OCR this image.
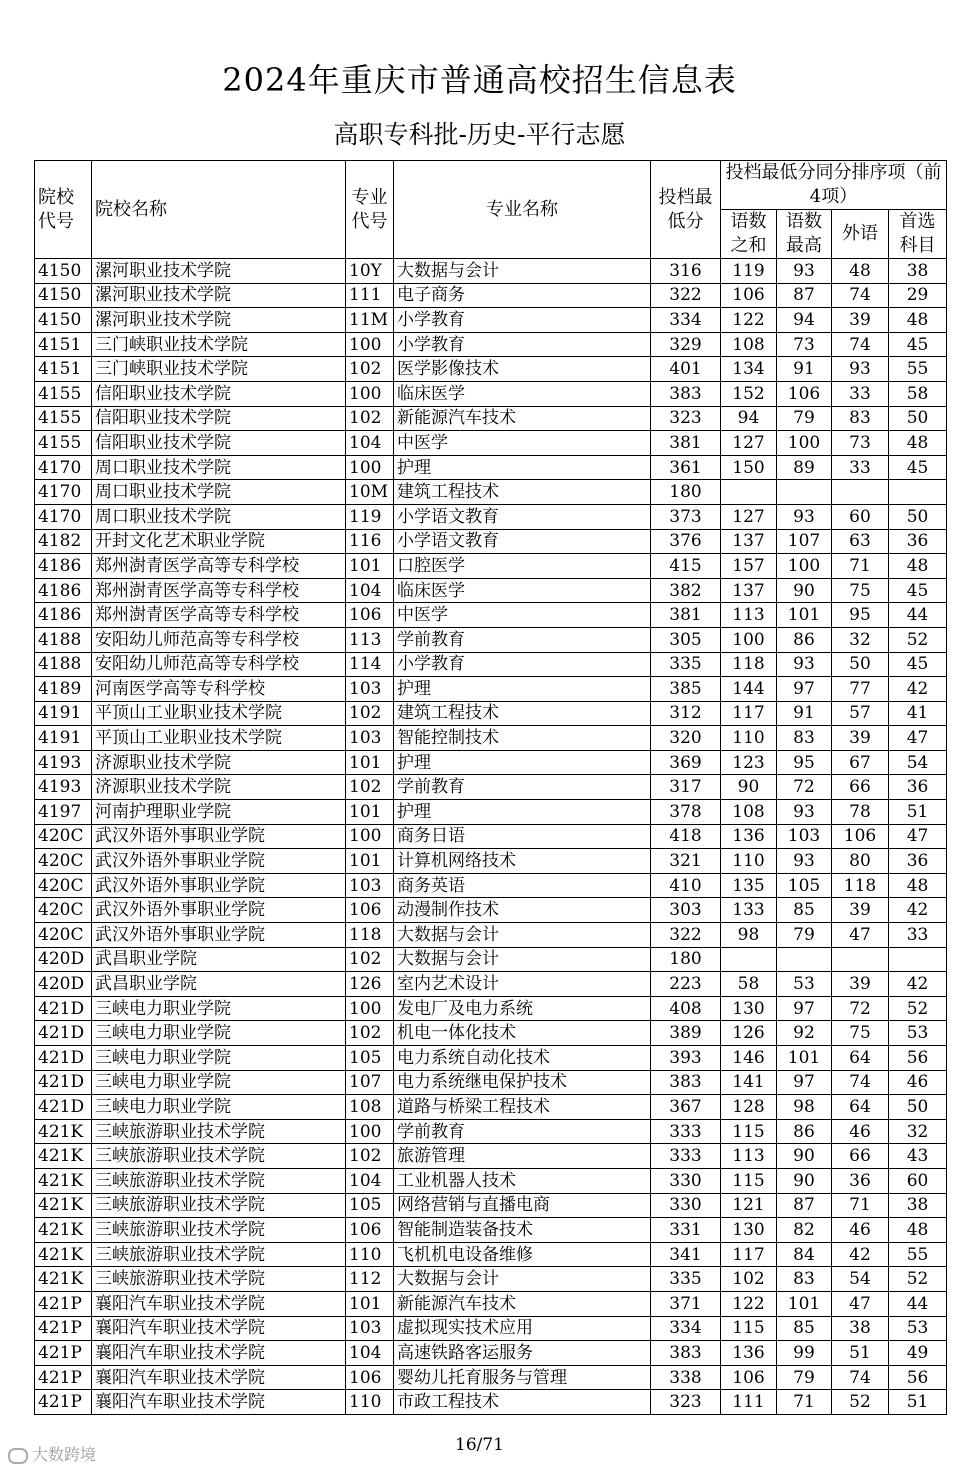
2024年重庆市普通高校招生信息表
高职专科批-历史-平行志愿
院校代号	院校名称	专业代号	专业名称	投档最低分	投档最低分同分排序项（前4项）			
					语数之和	语数最高	外语	首选科目
4150	漯河职业技术学院	10Y	大数据与会计	316	119	93	48	38
4150	漯河职业技术学院	111	电子商务	322	106	87	74	29
4150	漯河职业技术学院	11M	小学教育	334	122	94	39	48
4151	三门峡职业技术学院	100	小学教育	329	108	73	74	45
4151	三门峡职业技术学院	102	医学影像技术	401	134	91	93	55
4155	信阳职业技术学院	100	临床医学	383	152	106	33	58
4155	信阳职业技术学院	102	新能源汽车技术	323	94	79	83	50
4155	信阳职业技术学院	104	中医学	381	127	100	73	48
4170	周口职业技术学院	100	护理	361	150	89	33	45
4170	周口职业技术学院	10M	建筑工程技术	180				
4170	周口职业技术学院	119	小学语文教育	373	127	93	60	50
4182	开封文化艺术职业学院	116	小学语文教育	376	137	107	63	36
4186	郑州澍青医学高等专科学校	101	口腔医学	415	157	100	71	48
4186	郑州澍青医学高等专科学校	104	临床医学	382	137	90	75	45
4186	郑州澍青医学高等专科学校	106	中医学	381	113	101	95	44
4188	安阳幼儿师范高等专科学校	113	学前教育	305	100	86	32	52
4188	安阳幼儿师范高等专科学校	114	小学教育	335	118	93	50	45
4189	河南医学高等专科学校	103	护理	385	144	97	77	42
4191	平顶山工业职业技术学院	102	建筑工程技术	312	117	91	57	41
4191	平顶山工业职业技术学院	103	智能控制技术	320	110	83	39	47
4193	济源职业技术学院	101	护理	369	123	95	67	54
4193	济源职业技术学院	102	学前教育	317	90	72	66	36
4197	河南护理职业学院	101	护理	378	108	93	78	51
420C	武汉外语外事职业学院	100	商务日语	418	136	103	106	47
420C	武汉外语外事职业学院	101	计算机网络技术	321	110	93	80	36
420C	武汉外语外事职业学院	103	商务英语	410	135	105	118	48
420C	武汉外语外事职业学院	106	动漫制作技术	303	133	85	39	42
420C	武汉外语外事职业学院	118	大数据与会计	322	98	79	47	33
420D	武昌职业学院	102	大数据与会计	180				
420D	武昌职业学院	126	室内艺术设计	223	58	53	39	42
421D	三峡电力职业学院	100	发电厂及电力系统	408	130	97	72	52
421D	三峡电力职业学院	102	机电一体化技术	389	126	92	75	53
421D	三峡电力职业学院	105	电力系统自动化技术	393	146	101	64	56
421D	三峡电力职业学院	107	电力系统继电保护技术	383	141	97	74	46
421D	三峡电力职业学院	108	道路与桥梁工程技术	367	128	98	64	50
421K	三峡旅游职业技术学院	100	学前教育	333	115	86	46	32
421K	三峡旅游职业技术学院	102	旅游管理	333	113	90	66	43
421K	三峡旅游职业技术学院	104	工业机器人技术	330	115	90	36	60
421K	三峡旅游职业技术学院	105	网络营销与直播电商	330	121	87	71	38
421K	三峡旅游职业技术学院	106	智能制造装备技术	331	130	82	46	48
421K	三峡旅游职业技术学院	110	飞机机电设备维修	341	117	84	42	55
421K	三峡旅游职业技术学院	112	大数据与会计	335	102	83	54	52
421P	襄阳汽车职业技术学院	101	新能源汽车技术	371	122	101	47	44
421P	襄阳汽车职业技术学院	103	虚拟现实技术应用	334	115	85	38	53
421P	襄阳汽车职业技术学院	104	高速铁路客运服务	383	136	99	51	49
421P	襄阳汽车职业技术学院	106	婴幼儿托育服务与管理	338	106	79	74	56
421P	襄阳汽车职业技术学院	110	市政工程技术	323	111	71	52	51
16/71
大数跨境
